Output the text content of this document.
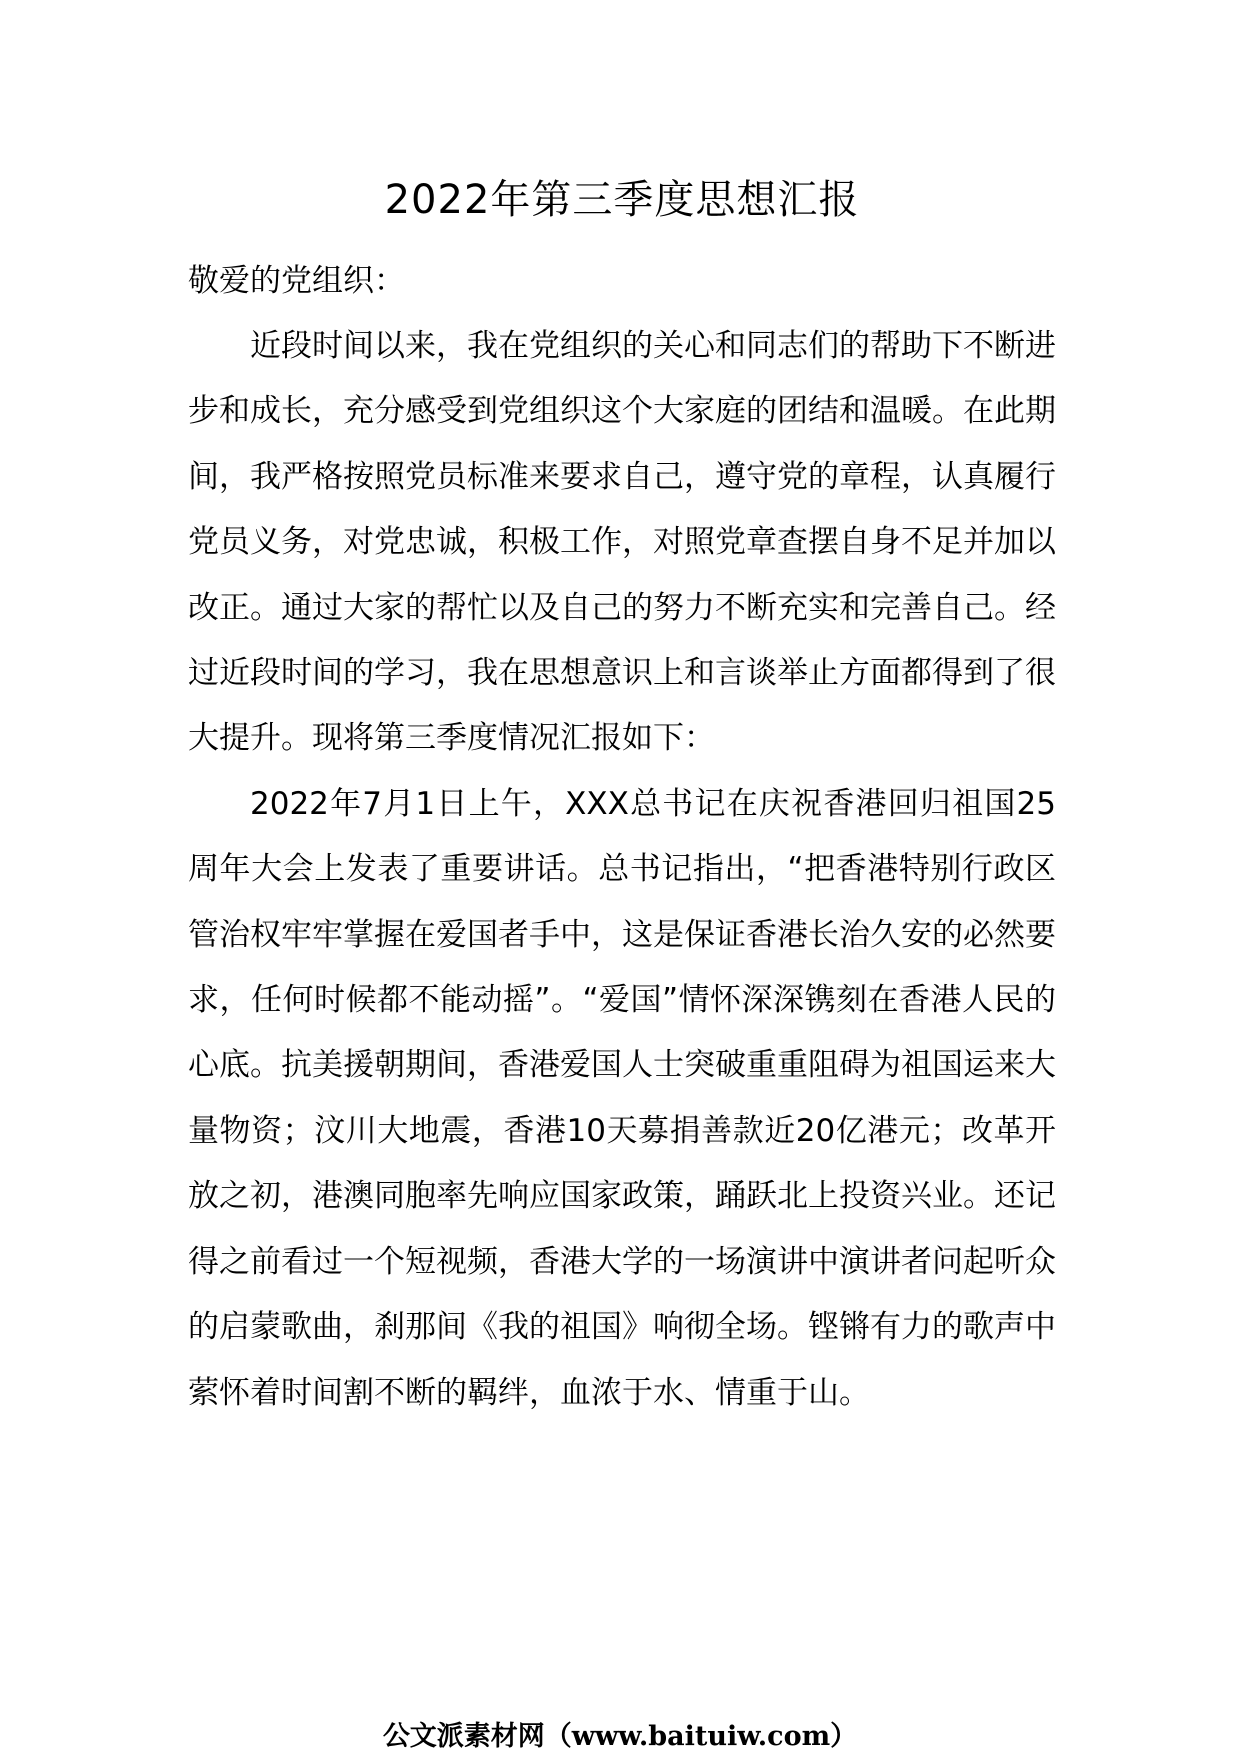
2022年第三季度思想汇报

敬爱的党组织：

近段时间以来，我在党组织的关心和同志们的帮助下不断进步和成长，充分感受到党组织这个大家庭的团结和温暖。在此期间，我严格按照党员标准来要求自己，遵守党的章程，认真履行党员义务，对党忠诚，积极工作，对照党章查摆自身不足并加以改正。通过大家的帮忙以及自己的努力不断充实和完善自己。经过近段时间的学习，我在思想意识上和言谈举止方面都得到了很大提升。现将第三季度情况汇报如下：

2022年7月1日上午，XXX总书记在庆祝香港回归祖国25周年大会上发表了重要讲话。总书记指出，“把香港特别行政区管治权牢牢掌握在爱国者手中，这是保证香港长治久安的必然要求，任何时候都不能动摇”。“爱国”情怀深深镌刻在香港人民的心底。抗美援朝期间，香港爱国人士突破重重阻碍为祖国运来大量物资；汶川大地震，香港10天募捐善款近20亿港元；改革开放之初，港澳同胞率先响应国家政策，踊跃北上投资兴业。还记得之前看过一个短视频，香港大学的一场演讲中演讲者问起听众的启蒙歌曲，刹那间《我的祖国》响彻全场。铿锵有力的歌声中萦怀着时间割不断的羁绊，血浓于水、情重于山。

公文派素材网（www.baituiw.com）
